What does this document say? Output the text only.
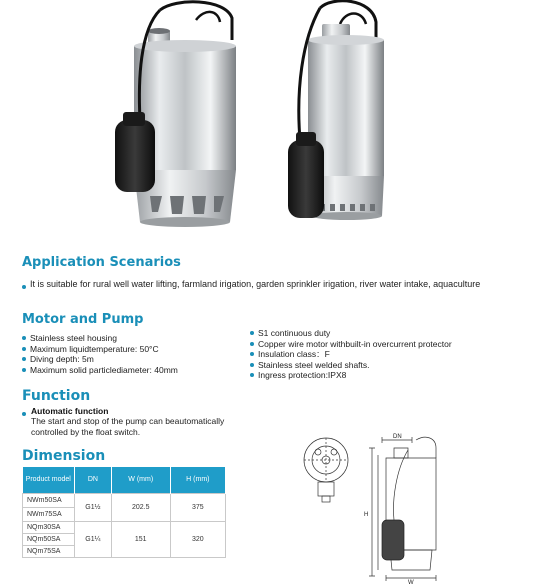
Application Scenarios
It is suitable for rural well water lifting, farmland irigation, garden sprinkler irigation, river water intake, aquaculture
Motor and Pump
Stainless steel housing
Maximum liquidtemperature: 50°C
Diving depth: 5m
Maximum solid particlediameter: 40mm
S1 continuous duty
Copper wire motor withbuilt-in overcurrent protector
Insulation class：F
Stainless steel welded shafts.
Ingress protection:IPX8
Function
Automatic function
The start and stop of the pump can beautomatically controlled by the float switch.
Dimension
Product model	DN	W (mm)	H (mm)
NWm50SA	G1½	202.5	375
NWm75SA			
NQm30SA	G1¼	151	320
NQm50SA			
NQm75SA			
DN
H
W
